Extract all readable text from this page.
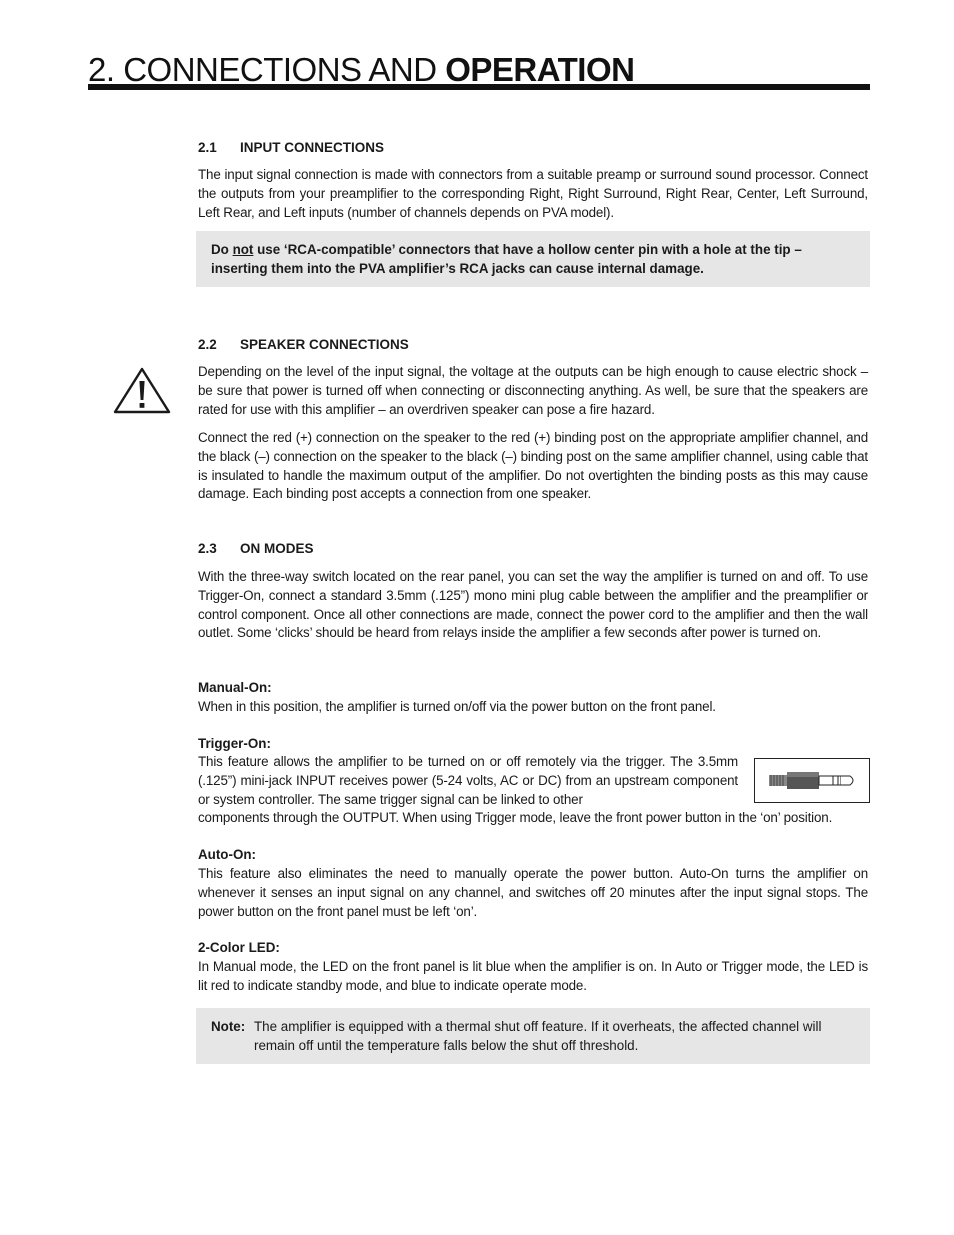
2. CONNECTIONS AND OPERATION
2.1 INPUT CONNECTIONS

The input signal connection is made with connectors from a suitable preamp or surround sound processor. Connect the outputs from your preamplifier to the corresponding Right, Right Surround, Right Rear, Center, Left Surround, Left Rear, and Left inputs (number of channels depends on PVA model).

Do not use ‘RCA-compatible’ connectors that have a hollow center pin with a hole at the tip – inserting them into the PVA amplifier’s RCA jacks can cause internal damage.
2.2 SPEAKER CONNECTIONS

Depending on the level of the input signal, the voltage at the outputs can be high enough to cause electric shock – be sure that power is turned off when connecting or disconnecting anything. As well, be sure that the speakers are rated for use with this amplifier – an overdriven speaker can pose a fire hazard.

Connect the red (+) connection on the speaker to the red (+) binding post on the appropriate amplifier channel, and the black (–) connection on the speaker to the black (–) binding post on the same amplifier channel, using cable that is insulated to handle the maximum output of the amplifier. Do not overtighten the binding posts as this may cause damage. Each binding post accepts a connection from one speaker.

2.3 ON MODES

With the three-way switch located on the rear panel, you can set the way the amplifier is turned on and off. To use Trigger-On, connect a standard 3.5mm (.125”) mono mini plug cable between the amplifier and the preamplifier or control component. Once all other connections are made, connect the power cord to the amplifier and then the wall outlet. Some ‘clicks’ should be heard from relays inside the amplifier a few seconds after power is turned on.

Manual-On:

When in this position, the amplifier is turned on/off via the power button on the front panel.

Trigger-On:

This feature allows the amplifier to be turned on or off remotely via the trigger. The 3.5mm (.125”) mini-jack INPUT receives power (5-24 volts, AC or DC) from an upstream component or system controller. The same trigger signal can be linked to other

components through the OUTPUT. When using Trigger mode, leave the front power button in the ‘on’ position.

Auto-On:

This feature also eliminates the need to manually operate the power button. Auto-On turns the amplifier on whenever it senses an input signal on any channel, and switches off 20 minutes after the input signal stops. The power button on the front panel must be left ‘on’.

2-Color LED:

In Manual mode, the LED on the front panel is lit blue when the amplifier is on. In Auto or Trigger mode, the LED is lit red to indicate standby mode, and blue to indicate operate mode.

Note: The amplifier is equipped with a thermal shut off feature. If it overheats, the affected channel will remain off until the temperature falls below the shut off threshold.
